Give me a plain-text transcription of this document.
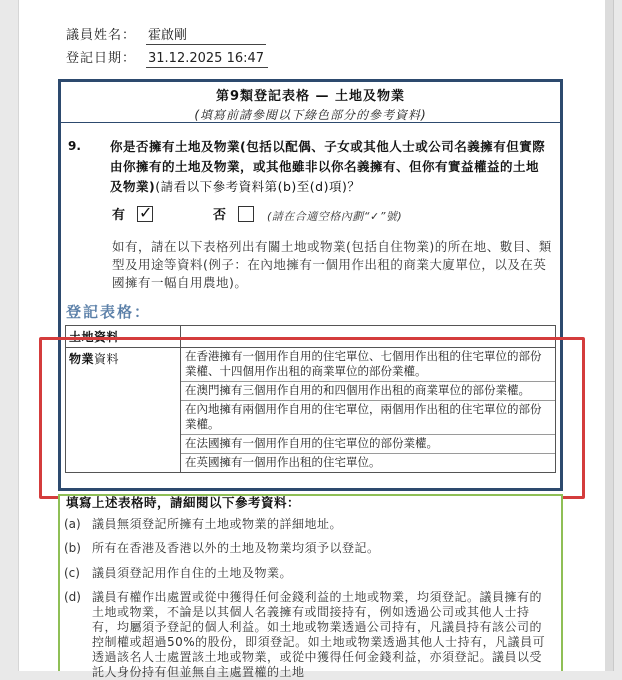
議員姓名： 霍啟剛
登記日期： 31.12.2025 16:47
第9類登記表格 — 土地及物業
(填寫前請參閱以下綠色部分的參考資料)
9. 你是否擁有土地及物業(包括以配偶、子女或其他人士或公司名義擁有但實際由你擁有的土地及物業，或其他雖非以你名義擁有、但你有實益權益的土地及物業)(請看以下參考資料第(b)至(d)項)？
有 ✓	否	(請在合適空格內劃“✓”號)
如有，請在以下表格列出有關土地或物業(包括自住物業)的所在地、數目、類型及用途等資料(例子：在內地擁有一個用作出租的商業大廈單位，以及在英國擁有一幅自用農地)。
登記表格：
土地資料	
物業資料	在香港擁有一個用作自用的住宅單位、七個用作出租的住宅單位的部份業權、十四個用作出租的商業單位的部份業權。
在澳門擁有三個用作自用的和四個用作出租的商業單位的部份業權。
在內地擁有兩個用作自用的住宅單位，兩個用作出租的住宅單位的部份業權。
在法國擁有一個用作自用的住宅單位的部份業權。
在英國擁有一個用作出租的住宅單位。
填寫上述表格時，請細閱以下參考資料：
(a) 議員無須登記所擁有土地或物業的詳細地址。
(b) 所有在香港及香港以外的土地及物業均須予以登記。
(c) 議員須登記用作自住的土地及物業。
(d) 議員有權作出處置或從中獲得任何金錢利益的土地或物業，均須登記。議員擁有的土地或物業，不論是以其個人名義擁有或間接持有，例如透過公司或其他人士持有，均屬須予登記的個人利益。如土地或物業透過公司持有，凡議員持有該公司的控制權或超過50%的股份，即須登記。如土地或物業透過其他人士持有，凡議員可透過該名人士處置該土地或物業，或從中獲得任何金錢利益，亦須登記。議員以受託人身份持有但並無自主處置權的土地
